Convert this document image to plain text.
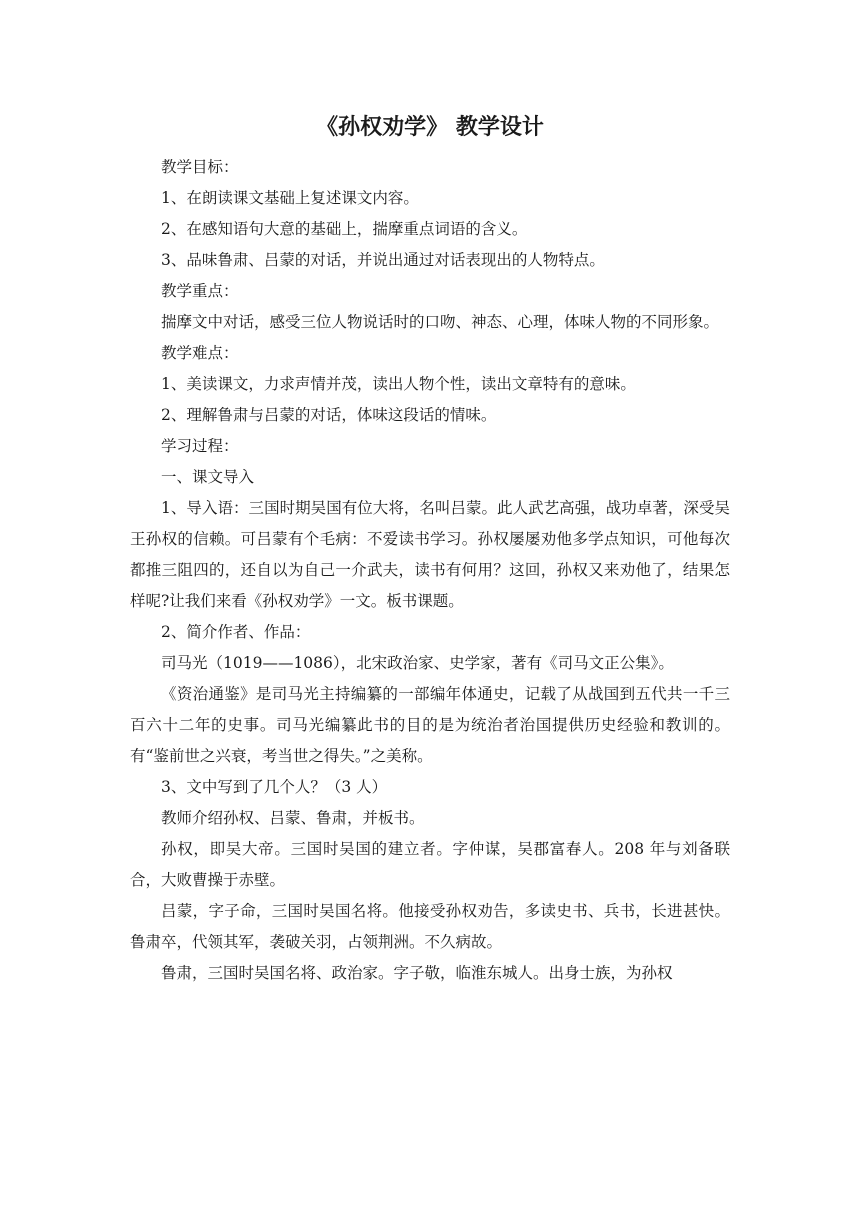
《孙权劝学》 教学设计

教学目标：

1、在朗读课文基础上复述课文内容。

2、在感知语句大意的基础上，揣摩重点词语的含义。

3、品味鲁肃、吕蒙的对话，并说出通过对话表现出的人物特点。

教学重点：

揣摩文中对话，感受三位人物说话时的口吻、神态、心理，体味人物的不同形象。

教学难点：

1、美读课文，力求声情并茂，读出人物个性，读出文章特有的意味。

2、理解鲁肃与吕蒙的对话，体味这段话的情味。

学习过程：

一、课文导入

1、导入语：三国时期吴国有位大将，名叫吕蒙。此人武艺高强，战功卓著，深受吴王孙权的信赖。可吕蒙有个毛病：不爱读书学习。孙权屡屡劝他多学点知识，可他每次都推三阻四的，还自以为自己一介武夫，读书有何用？这回，孙权又来劝他了，结果怎样呢?让我们来看《孙权劝学》一文。板书课题。

2、简介作者、作品：

司马光（1019——1086），北宋政治家、史学家，著有《司马文正公集》。

《资治通鉴》是司马光主持编纂的一部编年体通史，记载了从战国到五代共一千三百六十二年的史事。司马光编纂此书的目的是为统治者治国提供历史经验和教训的。有“鉴前世之兴衰，考当世之得失。”之美称。

3、文中写到了几个人？（3 人）

教师介绍孙权、吕蒙、鲁肃，并板书。

孙权，即吴大帝。三国时吴国的建立者。字仲谋，吴郡富春人。208 年与刘备联合，大败曹操于赤壁。

吕蒙，字子命，三国时吴国名将。他接受孙权劝告，多读史书、兵书，长进甚快。鲁肃卒，代领其军，袭破关羽，占领荆洲。不久病故。

鲁肃，三国时吴国名将、政治家。字子敬，临淮东城人。出身士族，为孙权
